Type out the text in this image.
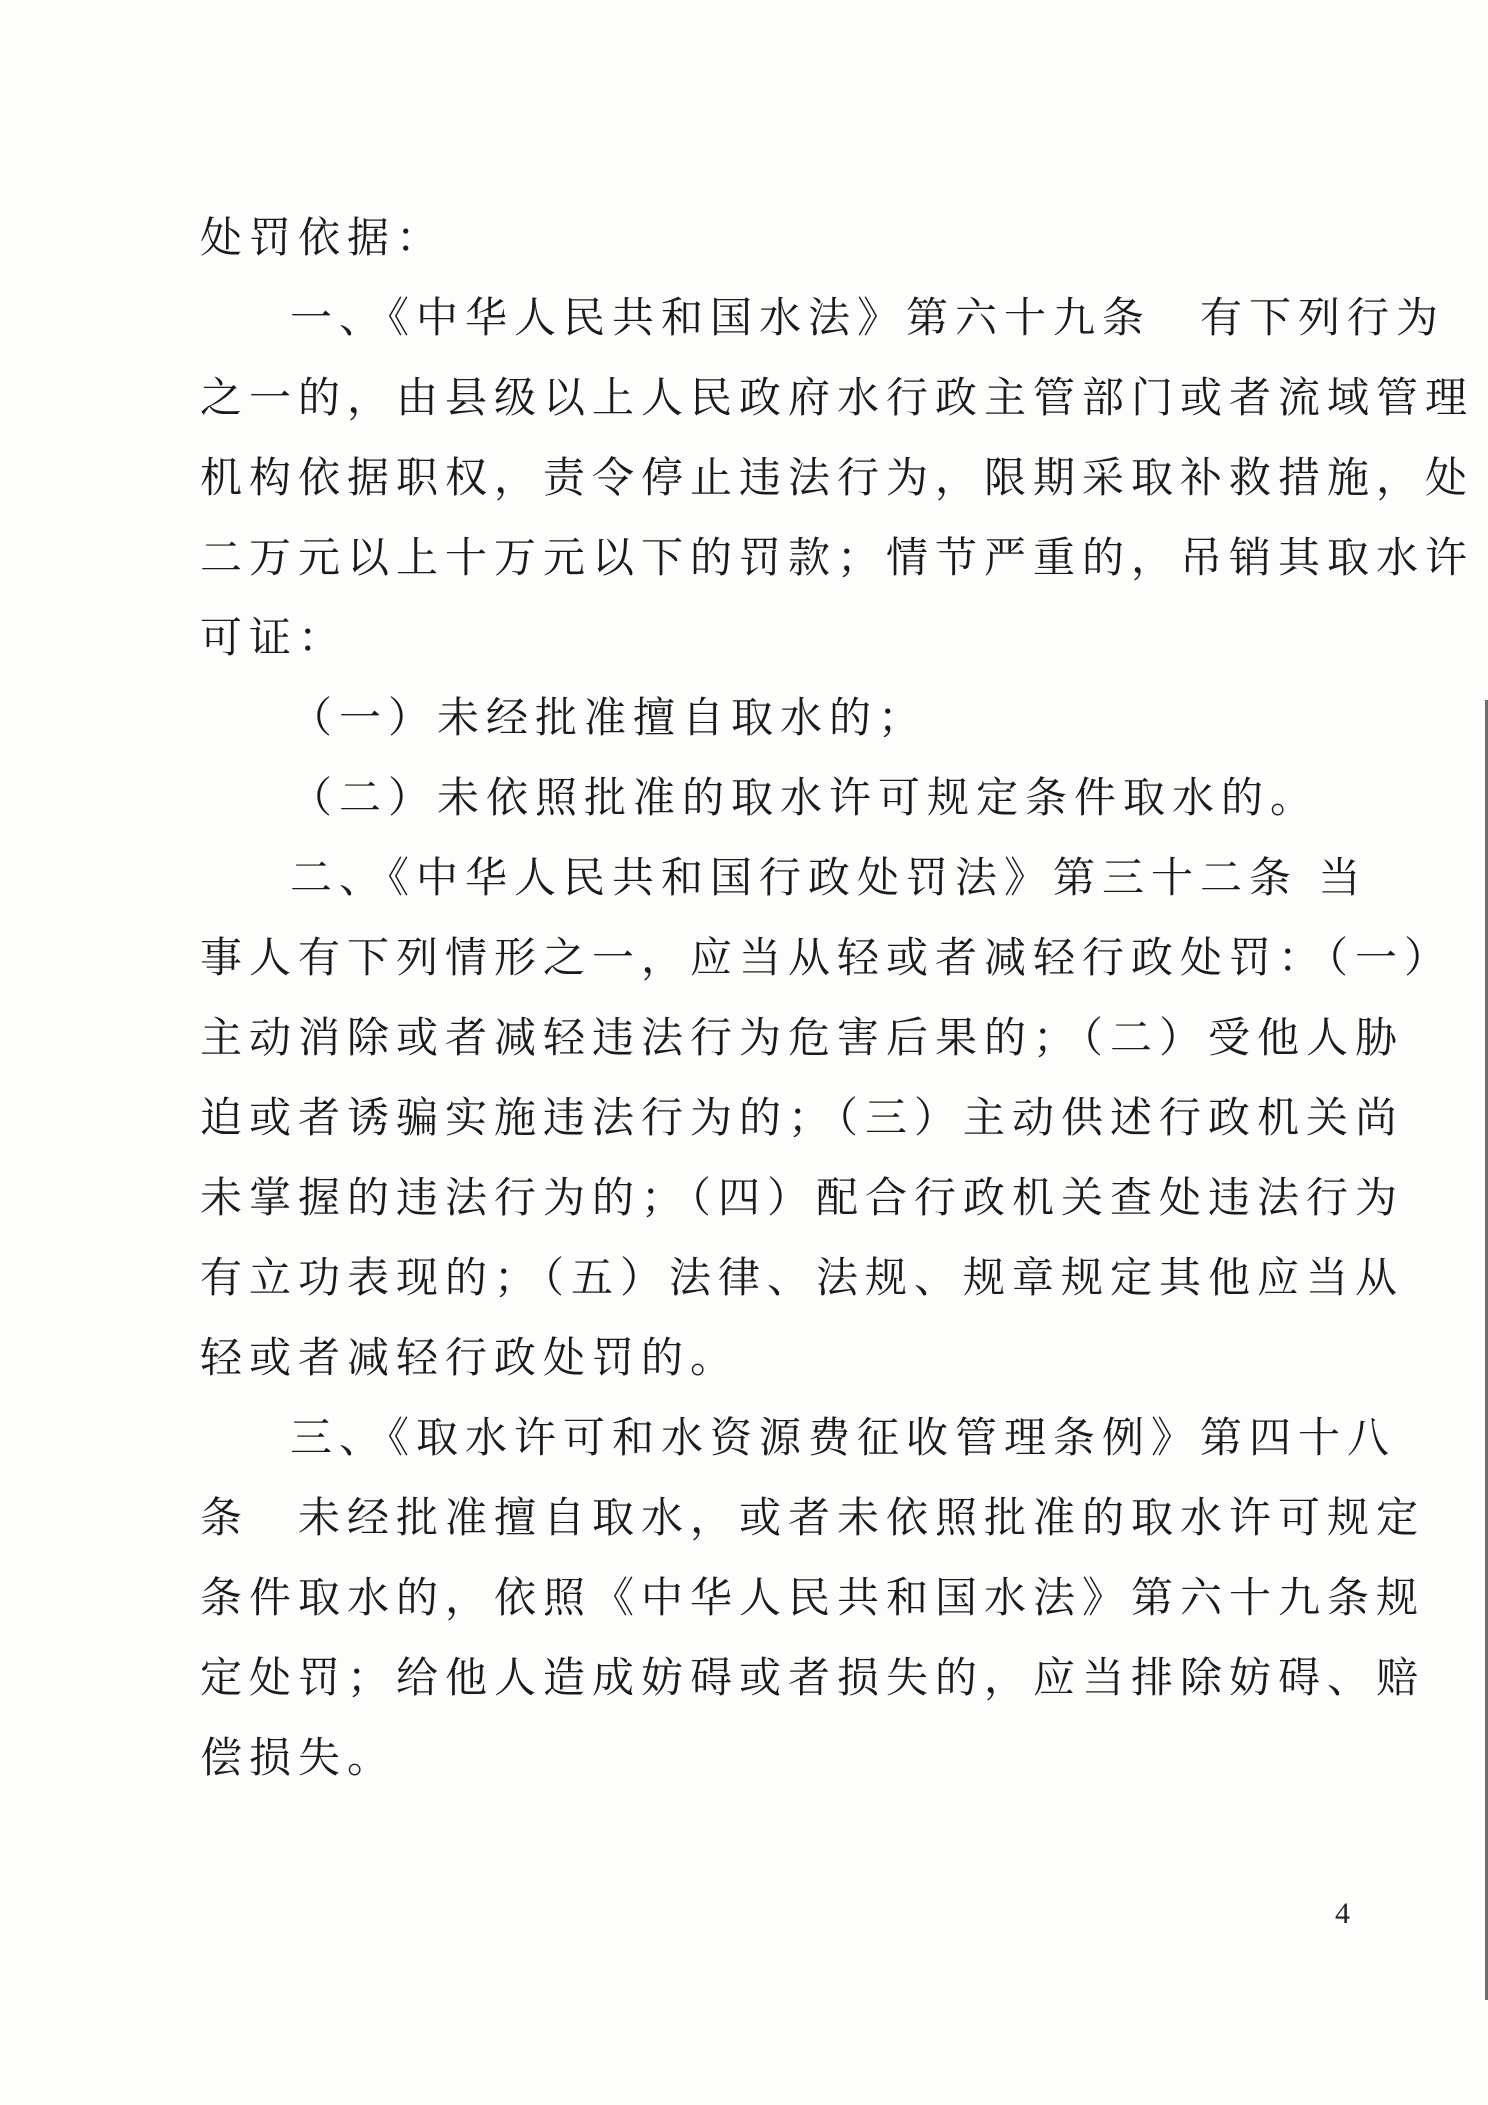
处罚依据：
一、《中华人民共和国水法》第六十九条　有下列行为
之一的，由县级以上人民政府水行政主管部门或者流域管理
机构依据职权，责令停止违法行为，限期采取补救措施，处
二万元以上十万元以下的罚款；情节严重的，吊销其取水许
可证：
（一）未经批准擅自取水的；
（二）未依照批准的取水许可规定条件取水的。
二、《中华人民共和国行政处罚法》第三十二条 当
事人有下列情形之一，应当从轻或者减轻行政处罚：（一）
主动消除或者减轻违法行为危害后果的；（二）受他人胁
迫或者诱骗实施违法行为的；（三）主动供述行政机关尚
未掌握的违法行为的；（四）配合行政机关查处违法行为
有立功表现的；（五）法律、法规、规章规定其他应当从
轻或者减轻行政处罚的。
三、《取水许可和水资源费征收管理条例》第四十八
条　未经批准擅自取水，或者未依照批准的取水许可规定
条件取水的，依照《中华人民共和国水法》第六十九条规
定处罚；给他人造成妨碍或者损失的，应当排除妨碍、赔
偿损失。
4
